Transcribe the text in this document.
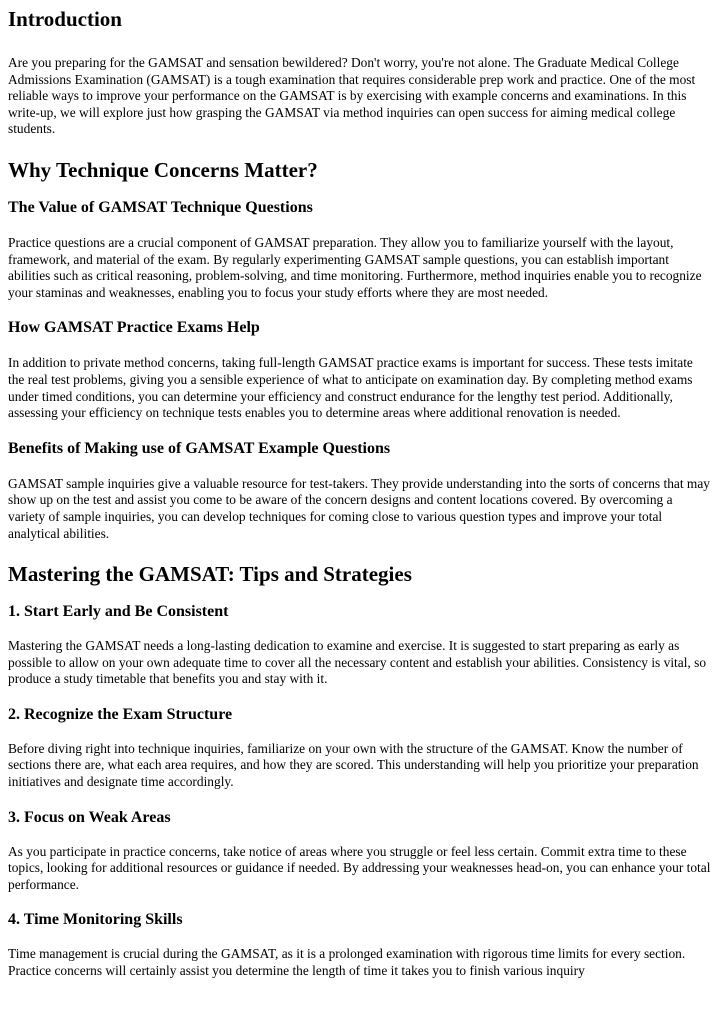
Introduction

Are you preparing for the GAMSAT and sensation bewildered? Don't worry, you're not alone. The Graduate Medical College Admissions Examination (GAMSAT) is a tough examination that requires considerable prep work and practice. One of the most reliable ways to improve your performance on the GAMSAT is by exercising with example concerns and examinations. In this write-up, we will explore just how grasping the GAMSAT via method inquiries can open success for aiming medical college students.

Why Technique Concerns Matter?
The Value of GAMSAT Technique Questions

Practice questions are a crucial component of GAMSAT preparation. They allow you to familiarize yourself with the layout, framework, and material of the exam. By regularly experimenting GAMSAT sample questions, you can establish important abilities such as critical reasoning, problem-solving, and time monitoring. Furthermore, method inquiries enable you to recognize your staminas and weaknesses, enabling you to focus your study efforts where they are most needed.

How GAMSAT Practice Exams Help

In addition to private method concerns, taking full-length GAMSAT practice exams is important for success. These tests imitate the real test problems, giving you a sensible experience of what to anticipate on examination day. By completing method exams under timed conditions, you can determine your efficiency and construct endurance for the lengthy test period. Additionally, assessing your efficiency on technique tests enables you to determine areas where additional renovation is needed.

Benefits of Making use of GAMSAT Example Questions

GAMSAT sample inquiries give a valuable resource for test-takers. They provide understanding into the sorts of concerns that may show up on the test and assist you come to be aware of the concern designs and content locations covered. By overcoming a variety of sample inquiries, you can develop techniques for coming close to various question types and improve your total analytical abilities.

Mastering the GAMSAT: Tips and Strategies
1. Start Early and Be Consistent

Mastering the GAMSAT needs a long-lasting dedication to examine and exercise. It is suggested to start preparing as early as possible to allow on your own adequate time to cover all the necessary content and establish your abilities. Consistency is vital, so produce a study timetable that benefits you and stay with it.

2. Recognize the Exam Structure

Before diving right into technique inquiries, familiarize on your own with the structure of the GAMSAT. Know the number of sections there are, what each area requires, and how they are scored. This understanding will help you prioritize your preparation initiatives and designate time accordingly.

3. Focus on Weak Areas

As you participate in practice concerns, take notice of areas where you struggle or feel less certain. Commit extra time to these topics, looking for additional resources or guidance if needed. By addressing your weaknesses head-on, you can enhance your total performance.

4. Time Monitoring Skills

Time management is crucial during the GAMSAT, as it is a prolonged examination with rigorous time limits for every section. Practice concerns will certainly assist you determine the length of time it takes you to finish various inquiry
